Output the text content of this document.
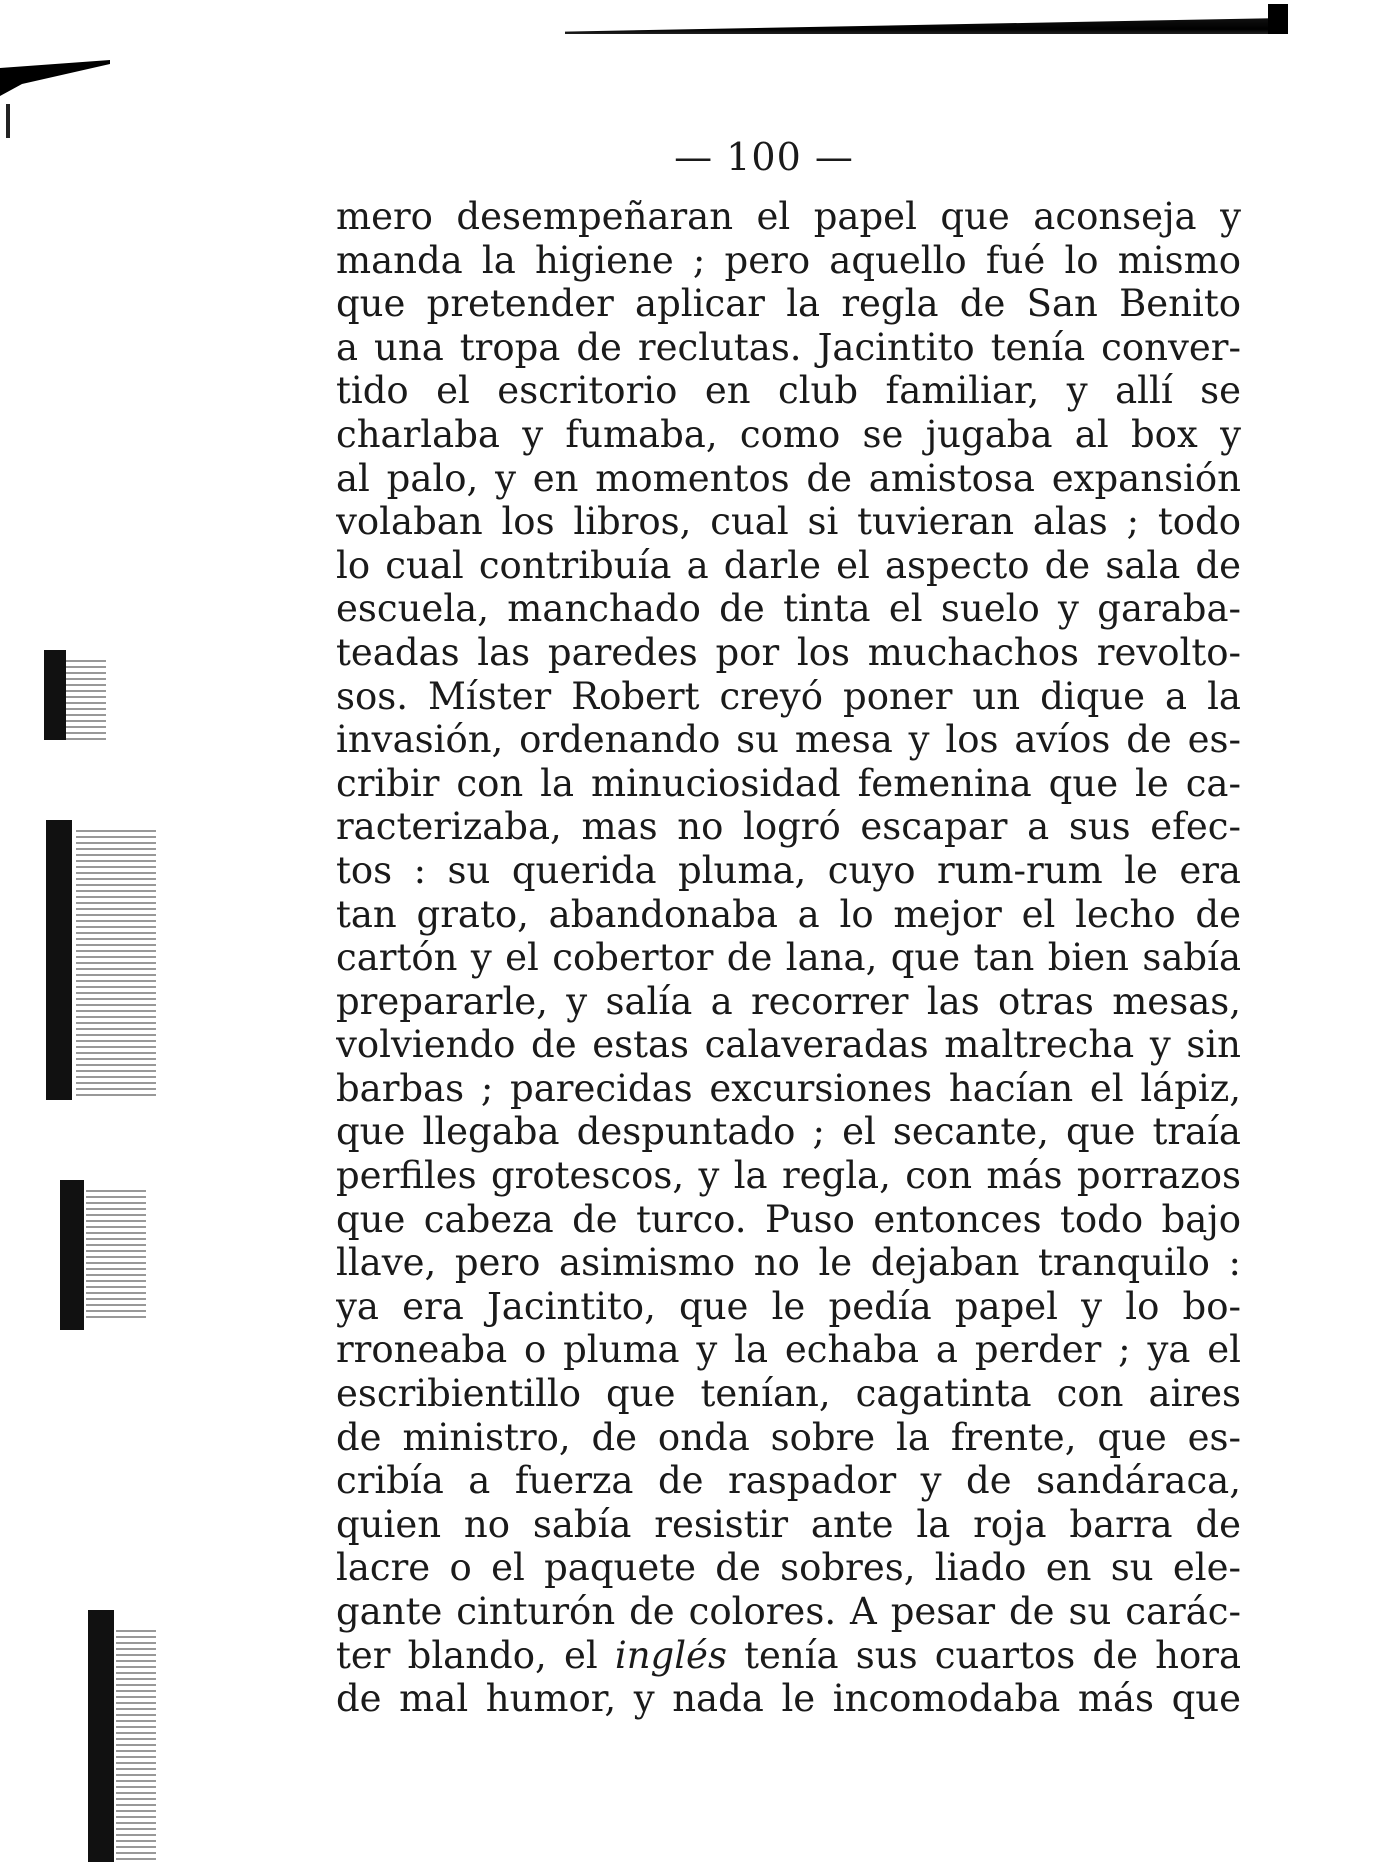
— 100 —
mero desempeñaran el papel que aconseja y
manda la higiene ; pero aquello fué lo mismo
que pretender aplicar la regla de San Benito
a una tropa de reclutas. Jacintito tenía conver-
tido el escritorio en club familiar, y allí se
charlaba y fumaba, como se jugaba al box y
al palo, y en momentos de amistosa expansión
volaban los libros, cual si tuvieran alas ; todo
lo cual contribuía a darle el aspecto de sala de
escuela, manchado de tinta el suelo y garaba-
teadas las paredes por los muchachos revolto-
sos. Míster Robert creyó poner un dique a la
invasión, ordenando su mesa y los avíos de es-
cribir con la minuciosidad femenina que le ca-
racterizaba, mas no logró escapar a sus efec-
tos : su querida pluma, cuyo rum-rum le era
tan grato, abandonaba a lo mejor el lecho de
cartón y el cobertor de lana, que tan bien sabía
prepararle, y salía a recorrer las otras mesas,
volviendo de estas calaveradas maltrecha y sin
barbas ; parecidas excursiones hacían el lápiz,
que llegaba despuntado ; el secante, que traía
perfiles grotescos, y la regla, con más porrazos
que cabeza de turco. Puso entonces todo bajo
llave, pero asimismo no le dejaban tranquilo :
ya era Jacintito, que le pedía papel y lo bo-
rroneaba o pluma y la echaba a perder ; ya el
escribientillo que tenían, cagatinta con aires
de ministro, de onda sobre la frente, que es-
cribía a fuerza de raspador y de sandáraca,
quien no sabía resistir ante la roja barra de
lacre o el paquete de sobres, liado en su ele-
gante cinturón de colores. A pesar de su carác-
ter blando, el inglés tenía sus cuartos de hora
de mal humor, y nada le incomodaba más que
